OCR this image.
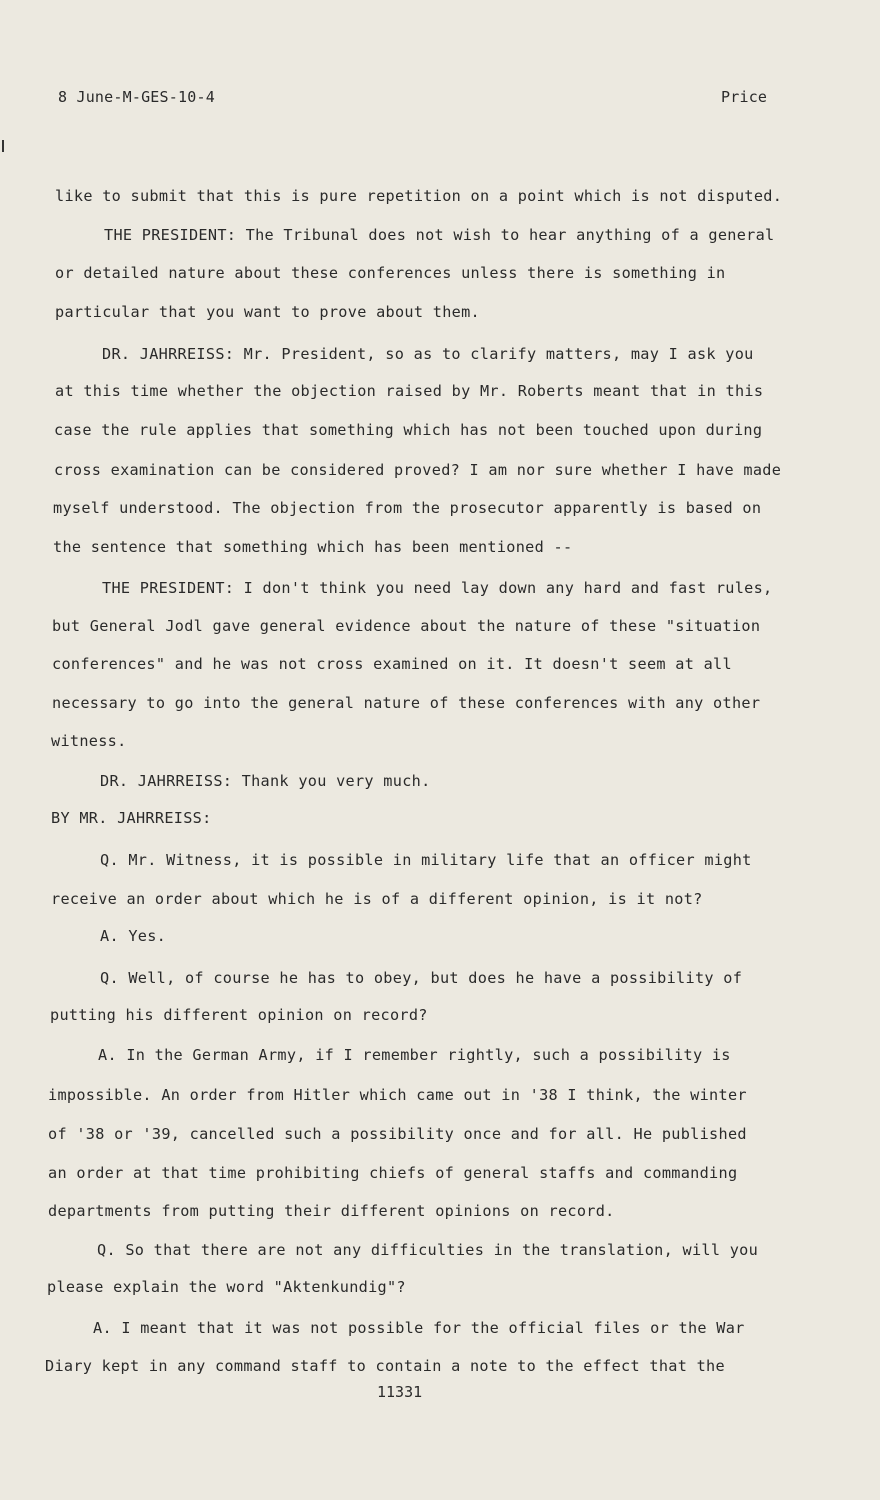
8 June-M-GES-10-4	Price
like to submit that this is pure repetition on a point which is not disputed.
THE PRESIDENT: The Tribunal does not wish to hear anything of a general
or detailed nature about these conferences unless there is something in
particular that you want to prove about them.
DR. JAHRREISS: Mr. President, so as to clarify matters, may I ask you
at this time whether the objection raised by Mr. Roberts meant that in this
case the rule applies that something which has not been touched upon during
cross examination can be considered proved? I am nor sure whether I have made
myself understood. The objection from the prosecutor apparently is based on
the sentence that something which has been mentioned --
THE PRESIDENT: I don't think you need lay down any hard and fast rules,
but General Jodl gave general evidence about the nature of these "situation
conferences" and he was not cross examined on it. It doesn't seem at all
necessary to go into the general nature of these conferences with any other
witness.
DR. JAHRREISS: Thank you very much.
BY MR. JAHRREISS:
Q. Mr. Witness, it is possible in military life that an officer might
receive an order about which he is of a different opinion, is it not?
A. Yes.
Q. Well, of course he has to obey, but does he have a possibility of
putting his different opinion on record?
A. In the German Army, if I remember rightly, such a possibility is
impossible. An order from Hitler which came out in '38 I think, the winter
of '38 or '39, cancelled such a possibility once and for all. He published
an order at that time prohibiting chiefs of general staffs and commanding
departments from putting their different opinions on record.
Q. So that there are not any difficulties in the translation, will you
please explain the word "Aktenkundig"?
A. I meant that it was not possible for the official files or the War
Diary kept in any command staff to contain a note to the effect that the
11331
